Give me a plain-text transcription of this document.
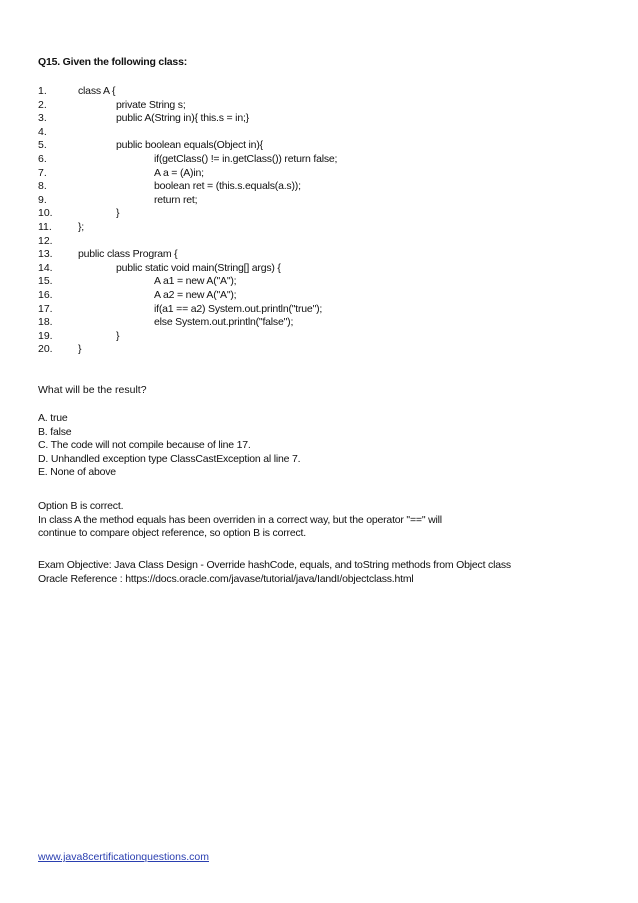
Q15. Given the following class:
1.	class A {
2.	private String s;
3.	public A(String in){ this.s = in;}
4.
5.	public boolean equals(Object in){
6.	if(getClass() != in.getClass()) return false;
7.	A a = (A)in;
8.	boolean ret = (this.s.equals(a.s));
9.	return ret;
10.	}
11. };
12.
13. public class Program {
14.	public static void main(String[] args) {
15.	A a1 = new A("A");
16.	A a2 = new A("A");
17.	if(a1 == a2) System.out.println("true");
18.	else System.out.println("false");
19.	}
20. }
What will be the result?
A. true
B. false
C. The code will not compile because of line 17.
D. Unhandled exception type ClassCastException al line 7.
E. None of above
Option B is correct.
In class A the method equals has been overriden in a correct way, but the operator "==" will
continue to compare object reference, so option B is correct.
Exam Objective: Java Class Design - Override hashCode, equals, and toString methods from Object class
Oracle Reference : https://docs.oracle.com/javase/tutorial/java/IandI/objectclass.html
www.java8certificationquestions.com
